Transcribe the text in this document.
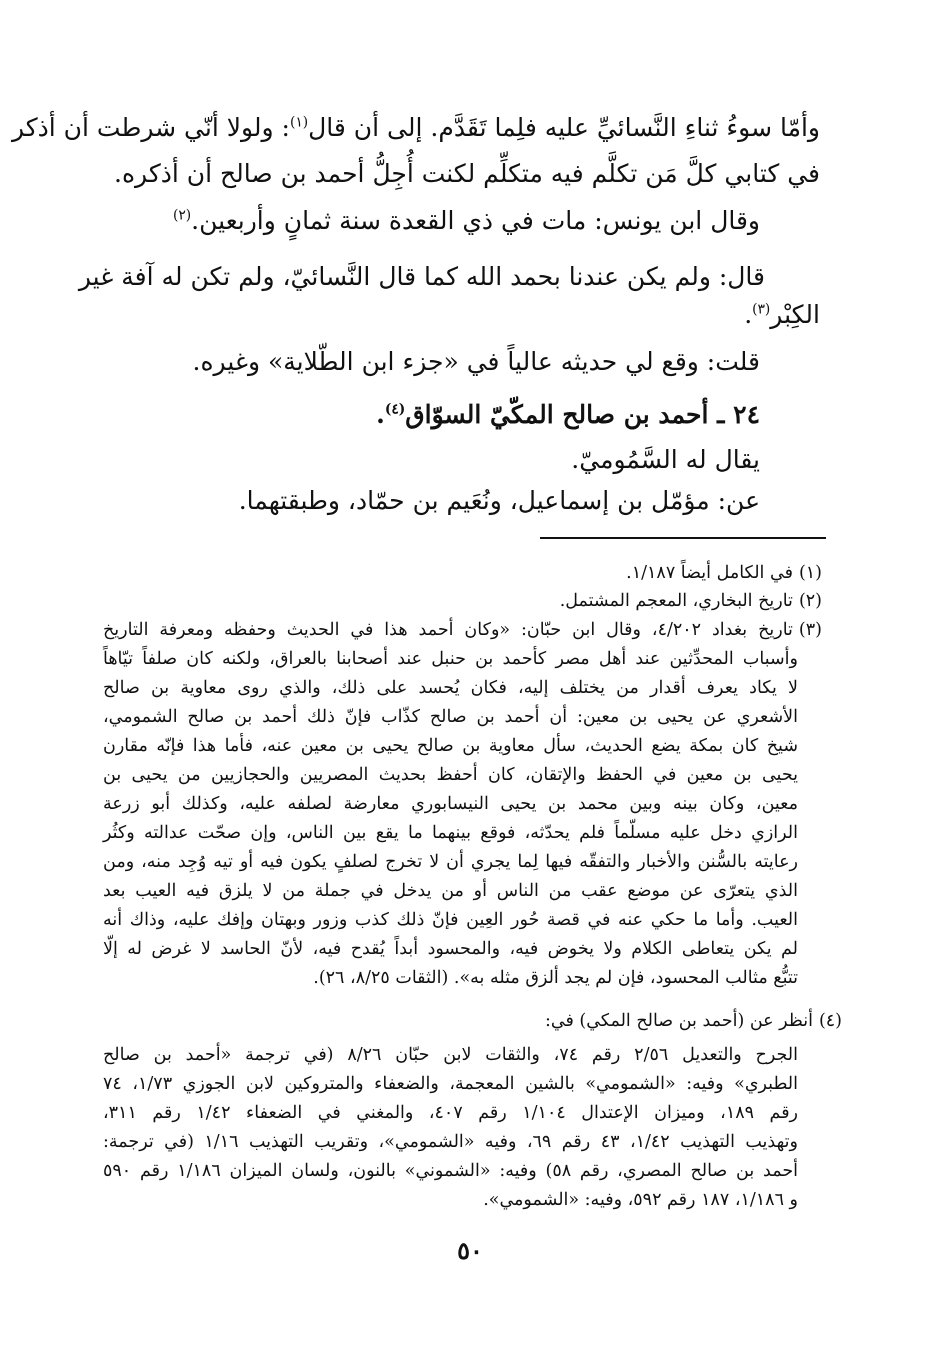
وأمّا سوءُ ثناءِ النَّسائيِّ عليه فلِما تَقَدَّم. إلى أن قال$^{(١)}$: ولولا أنّي شرطت أن أذكر

في كتابي كلَّ مَن تكلَّم فيه متكلِّم لكنت أُجِلُّ أحمد بن صالح أن أذكره.

وقال ابن يونس: مات في ذي القعدة سنة ثمانٍ وأربعين.$^{(٢)}$

قال: ولم يكن عندنا بحمد الله كما قال النَّسائيّ، ولم تكن له آفة غير

الكِبْر$^{(٣)}$.

قلت: وقع لي حديثه عالياً في «جزء ابن الطّلاية» وغيره.

٢٤ ـ أحمد بن صالح المكّيّ السوّاق$^{(٤)}$.

يقال له السَّمُوميّ.

عن: مؤمّل بن إسماعيل، ونُعَيم بن حمّاد، وطبقتهما.

(١)في الكامل أيضاً ١/١٨٧.

(٢)تاريخ البخاري، المعجم المشتمل.

(٣)تاريخ بغداد ٤/٢٠٢، وقال ابن حبّان: «وكان أحمد هذا في الحديث وحفظه ومعرفة التاريخ

وأسباب المحدِّثين عند أهل مصر كأحمد بن حنبل عند أصحابنا بالعراق، ولكنه كان صلفاً تيّاهاً

لا يكاد يعرف أقدار من يختلف إليه، فكان يُحسد على ذلك، والذي روى معاوية بن صالح

الأشعري عن يحيى بن معين: أن أحمد بن صالح كذّاب فإنّ ذلك أحمد بن صالح الشمومي،

شيخ كان بمكة يضع الحديث، سأل معاوية بن صالح يحيى بن معين عنه، فأما هذا فإنّه مقارن

يحيى بن معين في الحفظ والإتقان، كان أحفظ بحديث المصريين والحجازيين من يحيى بن

معين، وكان بينه وبين محمد بن يحيى النيسابوري معارضة لصلفه عليه، وكذلك أبو زرعة

الرازي دخل عليه مسلّماً فلم يحدّثه، فوقع بينهما ما يقع بين الناس، وإن صحّت عدالته وكثُر

رعايته بالسُّنن والأخبار والتفقّه فيها لِما يجري أن لا تخرج لصلفٍ يكون فيه أو تيه وُجِد منه، ومن

الذي يتعرّى عن موضع عقب من الناس أو من يدخل في جملة من لا يلزق فيه العيب بعد

العيب. وأما ما حكي عنه في قصة حُور العِين فإنّ ذلك كذب وزور وبهتان وإفك عليه، وذاك أنه

لم يكن يتعاطى الكلام ولا يخوض فيه، والمحسود أبداً يُقدح فيه، لأنّ الحاسد لا غرض له إلّا

تتبُّع مثالب المحسود، فإن لم يجد ألزق مثله به». (الثقات ٨/٢٥، ٢٦).

(٤)أنظر عن (أحمد بن صالح المكي) في:

الجرح والتعديل ٢/٥٦ رقم ٧٤، والثقات لابن حبّان ٨/٢٦ (في ترجمة «أحمد بن صالح

الطبري» وفيه: «الشمومي» بالشين المعجمة، والضعفاء والمتروكين لابن الجوزي ١/٧٣، ٧٤

رقم ١٨٩، وميزان الإعتدال ١/١٠٤ رقم ٤٠٧، والمغني في الضعفاء ١/٤٢ رقم ٣١١،

وتهذيب التهذيب ١/٤٢، ٤٣ رقم ٦٩، وفيه «الشمومي»، وتقريب التهذيب ١/١٦ (في ترجمة:

أحمد بن صالح المصري، رقم ٥٨) وفيه: «الشموني» بالنون، ولسان الميزان ١/١٨٦ رقم ٥٩٠

و ١/١٨٦، ١٨٧ رقم ٥٩٢، وفيه: «الشمومي».

٥٠
